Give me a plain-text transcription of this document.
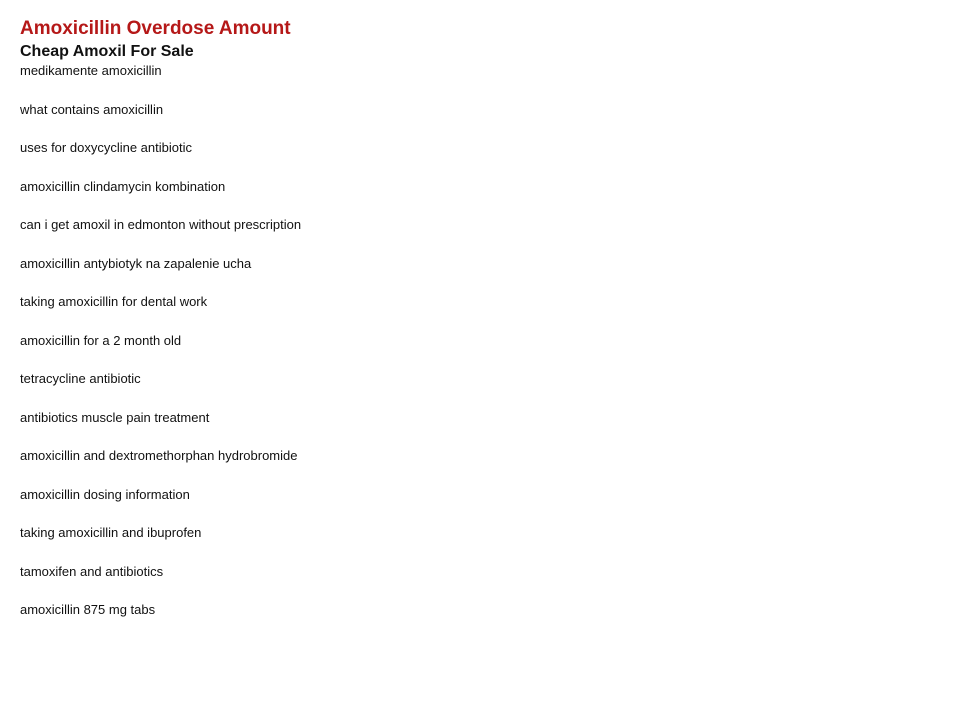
Amoxicillin Overdose Amount
Cheap Amoxil For Sale
medikamente amoxicillin
what contains amoxicillin
uses for doxycycline antibiotic
amoxicillin clindamycin kombination
can i get amoxil in edmonton without prescription
amoxicillin antybiotyk na zapalenie ucha
taking amoxicillin for dental work
amoxicillin for a 2 month old
tetracycline antibiotic
antibiotics muscle pain treatment
amoxicillin and dextromethorphan hydrobromide
amoxicillin dosing information
taking amoxicillin and ibuprofen
tamoxifen and antibiotics
amoxicillin 875 mg tabs
